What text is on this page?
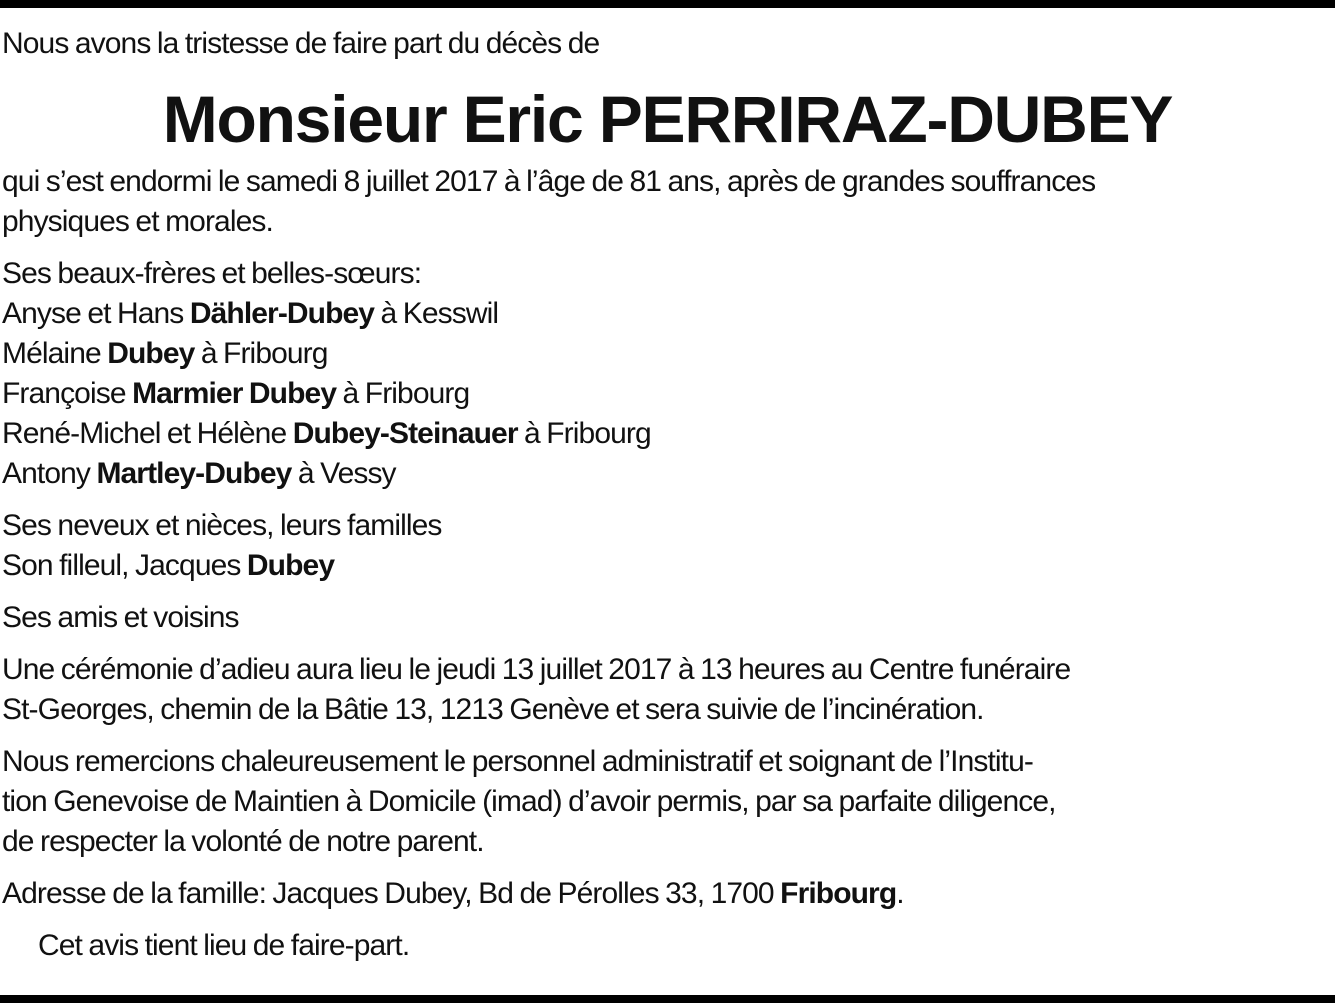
Nous avons la tristesse de faire part du décès de

Monsieur Eric PERRIRAZ-DUBEY

qui s’est endormi le samedi 8 juillet 2017 à l’âge de 81 ans, après de grandes souffrances

physiques et morales.

Ses beaux-frères et belles-sœurs:

Anyse et Hans Dähler-Dubey à Kesswil

Mélaine Dubey à Fribourg

Françoise Marmier Dubey à Fribourg

René-Michel et Hélène Dubey-Steinauer à Fribourg

Antony Martley-Dubey à Vessy

Ses neveux et nièces, leurs familles

Son filleul, Jacques Dubey

Ses amis et voisins

Une cérémonie d’adieu aura lieu le jeudi 13 juillet 2017 à 13 heures au Centre funéraire

St-Georges, chemin de la Bâtie 13, 1213 Genève et sera suivie de l’incinération.

Nous remercions chaleureusement le personnel administratif et soignant de l’Institu-

tion Genevoise de Maintien à Domicile (imad) d’avoir permis, par sa parfaite diligence,

de respecter la volonté de notre parent.

Adresse de la famille: Jacques Dubey, Bd de Pérolles 33, 1700 Fribourg.

Cet avis tient lieu de faire-part.
